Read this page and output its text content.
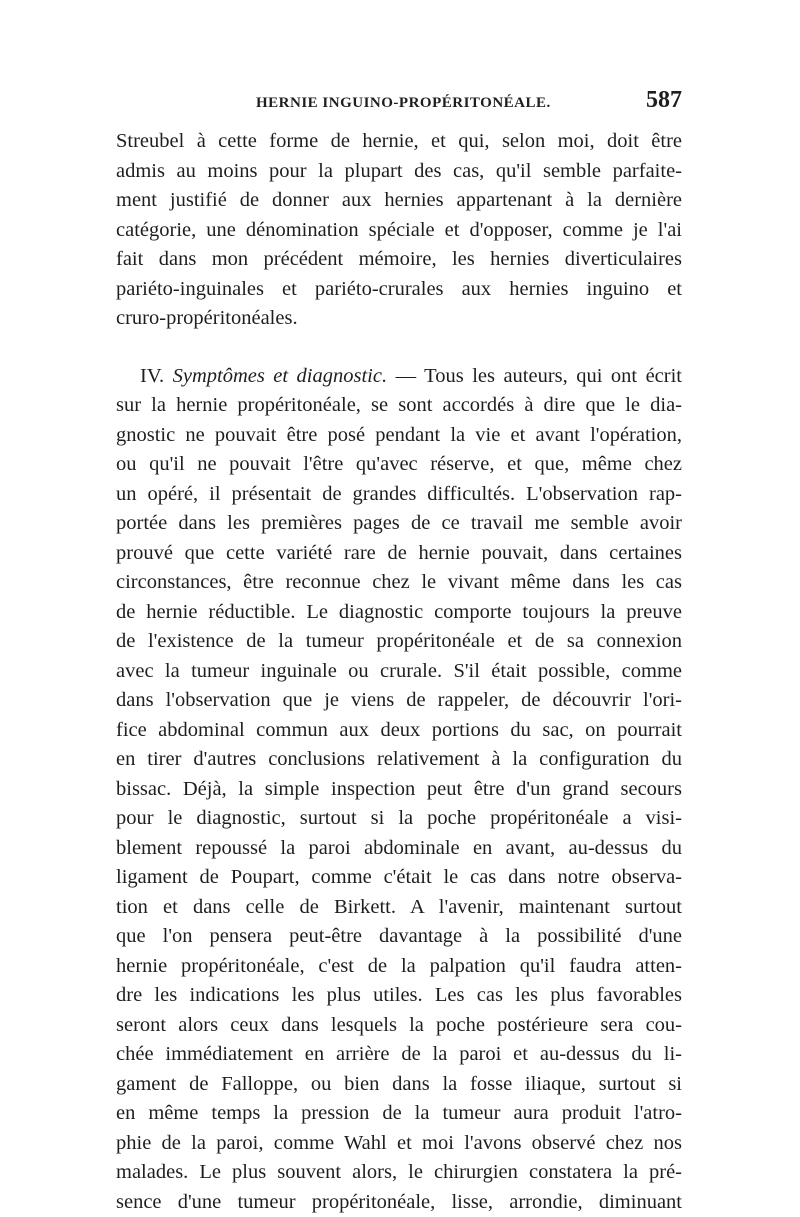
HERNIE INGUINO-PROPÉRITONÉALE.	587
Streubel à cette forme de hernie, et qui, selon moi, doit être
admis au moins pour la plupart des cas, qu'il semble parfaite-
ment justifié de donner aux hernies appartenant à la dernière
catégorie, une dénomination spéciale et d'opposer, comme je l'ai
fait dans mon précédent mémoire, les hernies diverticulaires
pariéto-inguinales et pariéto-crurales aux hernies inguino et
cruro-propéritonéales.
IV. Symptômes et diagnostic. — Tous les auteurs, qui ont écrit
sur la hernie propéritonéale, se sont accordés à dire que le dia-
gnostic ne pouvait être posé pendant la vie et avant l'opération,
ou qu'il ne pouvait l'être qu'avec réserve, et que, même chez
un opéré, il présentait de grandes difficultés. L'observation rap-
portée dans les premières pages de ce travail me semble avoir
prouvé que cette variété rare de hernie pouvait, dans certaines
circonstances, être reconnue chez le vivant même dans les cas
de hernie réductible. Le diagnostic comporte toujours la preuve
de l'existence de la tumeur propéritonéale et de sa connexion
avec la tumeur inguinale ou crurale. S'il était possible, comme
dans l'observation que je viens de rappeler, de découvrir l'ori-
fice abdominal commun aux deux portions du sac, on pourrait
en tirer d'autres conclusions relativement à la configuration du
bissac. Déjà, la simple inspection peut être d'un grand secours
pour le diagnostic, surtout si la poche propéritonéale a visi-
blement repoussé la paroi abdominale en avant, au-dessus du
ligament de Poupart, comme c'était le cas dans notre observa-
tion et dans celle de Birkett. A l'avenir, maintenant surtout
que l'on pensera peut-être davantage à la possibilité d'une
hernie propéritonéale, c'est de la palpation qu'il faudra atten-
dre les indications les plus utiles. Les cas les plus favorables
seront alors ceux dans lesquels la poche postérieure sera cou-
chée immédiatement en arrière de la paroi et au-dessus du li-
gament de Falloppe, ou bien dans la fosse iliaque, surtout si
en même temps la pression de la tumeur aura produit l'atro-
phie de la paroi, comme Wahl et moi l'avons observé chez nos
malades. Le plus souvent alors, le chirurgien constatera la pré-
sence d'une tumeur propéritonéale, lisse, arrondie, diminuant
